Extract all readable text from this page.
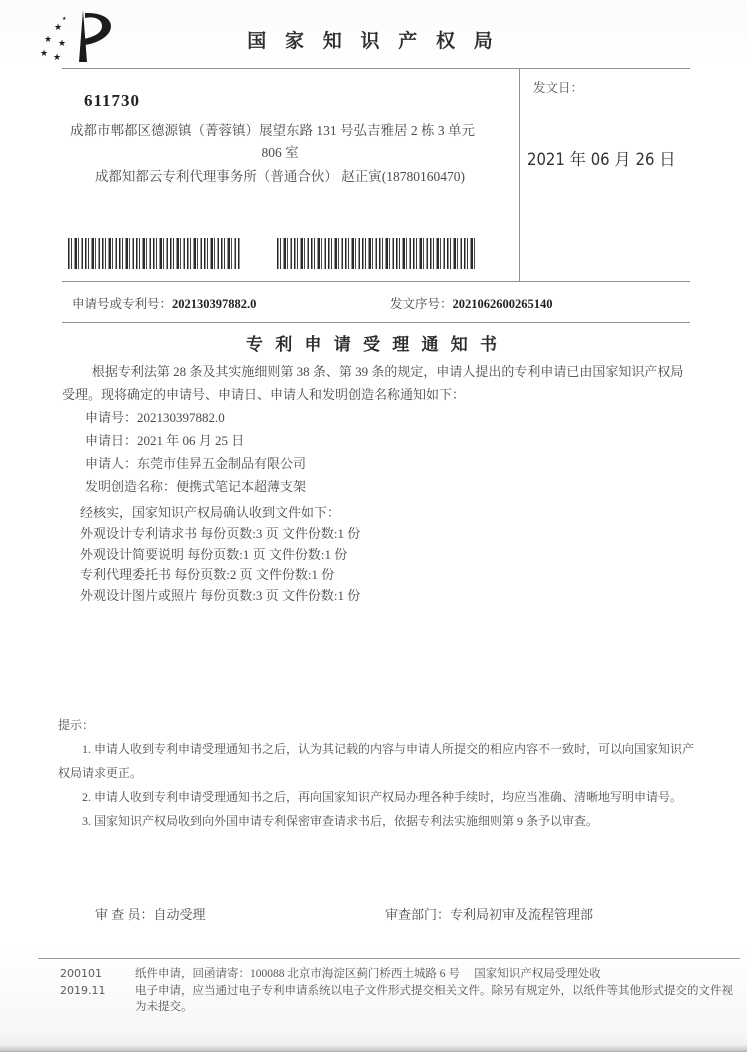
★
★ ★
★ ★
★
国 家 知 识 产 权 局
611730
成都市郫都区德源镇（菁蓉镇）展望东路 131 号弘吉雅居 2 栋 3 单元
806 室
成都知都云专利代理事务所（普通合伙） 赵正寅(18780160470)
发文日：
2021 年 06 月 26 日
申请号或专利号：202130397882.0	发文序号：2021062600265140
专 利 申 请 受 理 通 知 书

根据专利法第 28 条及其实施细则第 38 条、第 39 条的规定，申请人提出的专利申请已由国家知识产权局受理。现将确定的申请号、申请日、申请人和发明创造名称通知如下：

申请号：202130397882.0
申请日：2021 年 06 月 25 日
申请人：东莞市佳昇五金制品有限公司
发明创造名称：便携式笔记本超薄支架
经核实，国家知识产权局确认收到文件如下：
外观设计专利请求书 每份页数:3 页 文件份数:1 份
外观设计简要说明 每份页数:1 页 文件份数:1 份
专利代理委托书 每份页数:2 页 文件份数:1 份
外观设计图片或照片 每份页数:3 页 文件份数:1 份
提示：
1. 申请人收到专利申请受理通知书之后，认为其记载的内容与申请人所提交的相应内容不一致时，可以向国家知识产权局请求更正。
2. 申请人收到专利申请受理通知书之后，再向国家知识产权局办理各种手续时，均应当准确、清晰地写明申请号。
3. 国家知识产权局收到向外国申请专利保密审查请求书后，依据专利法实施细则第 9 条予以审查。
审 查 员：自动受理	审查部门：专利局初审及流程管理部
200101
2019.11
纸件申请，回函请寄：100088 北京市海淀区蓟门桥西土城路 6 号　 国家知识产权局受理处收
电子申请，应当通过电子专利申请系统以电子文件形式提交相关文件。除另有规定外，以纸件等其他形式提交的文件视为未提交。
